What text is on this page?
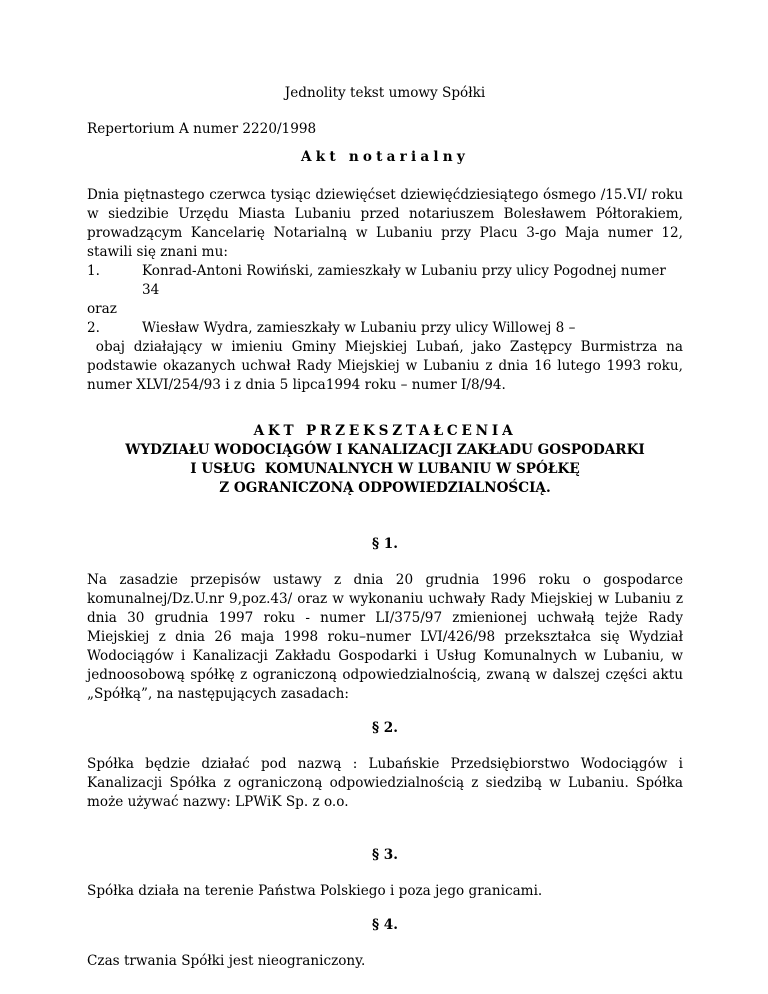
Jednolity tekst umowy Spółki

Repertorium A numer 2220/1998

Akt notarialny

Dnia piętnastego czerwca tysiąc dziewięćset dziewięćdziesiątego ósmego /15.VI/ roku w siedzibie Urzędu Miasta Lubaniu przed notariuszem Bolesławem Półtorakiem, prowadzącym Kancelarię Notarialną w Lubaniu przy Placu 3-go Maja numer 12, stawili się znani mu:

1.	Konrad-Antoni Rowiński, zamieszkały w Lubaniu przy ulicy Pogodnej numer 34

oraz

2.	Wiesław Wydra, zamieszkały w Lubaniu przy ulicy Willowej 8 –

obaj działający w imieniu Gminy Miejskiej Lubań, jako Zastępcy Burmistrza na podstawie okazanych uchwał Rady Miejskiej w Lubaniu z dnia 16 lutego 1993 roku, numer XLVI/254/93 i z dnia 5 lipca1994 roku – numer I/8/94.

AKT PRZEKSZTAŁCENIA

WYDZIAŁU WODOCIĄGÓW I KANALIZACJI ZAKŁADU GOSPODARKI

I USŁUG  KOMUNALNYCH W LUBANIU W SPÓŁKĘ

Z OGRANICZONĄ ODPOWIEDZIALNOŚCIĄ.

§ 1.

Na zasadzie przepisów ustawy z dnia 20 grudnia 1996 roku o gospodarce komunalnej/Dz.U.nr 9,poz.43/ oraz w wykonaniu uchwały Rady Miejskiej w Lubaniu z dnia 30 grudnia 1997 roku - numer LI/375/97 zmienionej uchwałą tejże Rady Miejskiej z dnia 26 maja 1998 roku–numer LVI/426/98 przekształca się Wydział Wodociągów i Kanalizacji Zakładu Gospodarki i Usług Komunalnych w Lubaniu, w jednoosobową spółkę z ograniczoną odpowiedzialnością, zwaną w dalszej części aktu „Spółką”, na następujących zasadach:

§ 2.

Spółka będzie działać pod nazwą : Lubańskie Przedsiębiorstwo Wodociągów i Kanalizacji Spółka z ograniczoną odpowiedzialnością z siedzibą w Lubaniu. Spółka może używać nazwy: LPWiK Sp. z o.o.

§ 3.

Spółka działa na terenie Państwa Polskiego i poza jego granicami.

§ 4.

Czas trwania Spółki jest nieograniczony.
